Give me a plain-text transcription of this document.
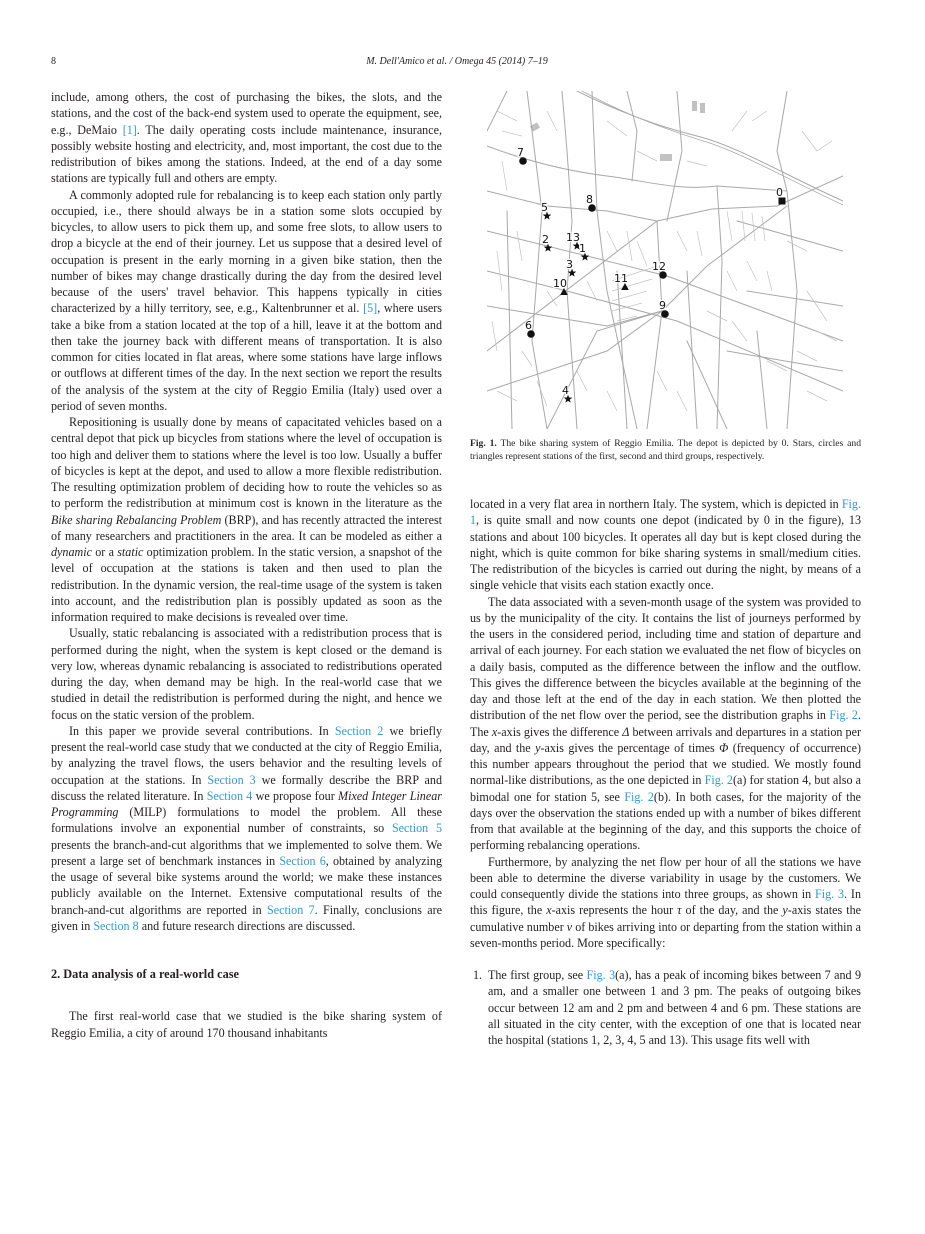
8	M. Dell'Amico et al. / Omega 45 (2014) 7–19

include, among others, the cost of purchasing the bikes, the slots, and the stations, and the cost of the back-end system used to operate the equipment, see, e.g., DeMaio [1]. The daily operating costs include maintenance, insurance, possibly website hosting and electricity, and, most important, the cost due to the redistribution of bikes among the stations. Indeed, at the end of a day some stations are typically full and others are empty.

A commonly adopted rule for rebalancing is to keep each station only partly occupied, i.e., there should always be in a station some slots occupied by bicycles, to allow users to pick them up, and some free slots, to allow users to drop a bicycle at the end of their journey. Let us suppose that a desired level of occupation is present in the early morning in a given bike station, then the number of bikes may change drastically during the day from the desired level because of the users' travel behavior. This happens typically in cities characterized by a hilly territory, see, e.g., Kaltenbrunner et al. [5], where users take a bike from a station located at the top of a hill, leave it at the bottom and then take the journey back with different means of transportation. It is also common for cities located in flat areas, where some stations have large inflows or outflows at different times of the day. In the next section we report the results of the analysis of the system at the city of Reggio Emilia (Italy) used over a period of seven months.

Repositioning is usually done by means of capacitated vehicles based on a central depot that pick up bicycles from stations where the level of occupation is too high and deliver them to stations where the level is too low. Usually a buffer of bicycles is kept at the depot, and used to allow a more flexible redistribution. The resulting optimization problem of deciding how to route the vehicles so as to perform the redistribution at minimum cost is known in the literature as the Bike sharing Rebalancing Problem (BRP), and has recently attracted the interest of many researchers and practitioners in the area. It can be modeled as either a dynamic or a static optimization problem. In the static version, a snapshot of the level of occupation at the stations is taken and then used to plan the redistribution. In the dynamic version, the real-time usage of the system is taken into account, and the redistribution plan is possibly updated as soon as the information required to make decisions is revealed over time.

Usually, static rebalancing is associated with a redistribution process that is performed during the night, when the system is kept closed or the demand is very low, whereas dynamic rebalancing is associated to redistributions operated during the day, when demand may be high. In the real-world case that we studied in detail the redistribution is performed during the night, and hence we focus on the static version of the problem.

In this paper we provide several contributions. In Section 2 we briefly present the real-world case study that we conducted at the city of Reggio Emilia, by analyzing the travel flows, the users behavior and the resulting levels of occupation at the stations. In Section 3 we formally describe the BRP and discuss the related literature. In Section 4 we propose four Mixed Integer Linear Programming (MILP) formulations to model the problem. All these formulations involve an exponential number of constraints, so Section 5 presents the branch-and-cut algorithms that we implemented to solve them. We present a large set of benchmark instances in Section 6, obtained by analyzing the usage of several bike systems around the world; we make these instances publicly available on the Internet. Extensive computational results of the branch-and-cut algorithms are reported in Section 7. Finally, conclusions are given in Section 8 and future research directions are discussed.

2. Data analysis of a real-world case

The first real-world case that we studied is the bike sharing system of Reggio Emilia, a city of around 170 thousand inhabitants

0
7
5
8
2 13
1
3
10	11
12
9
6
4
Fig. 1. The bike sharing system of Reggio Emilia. The depot is depicted by 0. Stars, circles and triangles represent stations of the first, second and third groups, respectively.

located in a very flat area in northern Italy. The system, which is depicted in Fig. 1, is quite small and now counts one depot (indicated by 0 in the figure), 13 stations and about 100 bicycles. It operates all day but is kept closed during the night, which is quite common for bike sharing systems in small/medium cities. The redistribution of the bicycles is carried out during the night, by means of a single vehicle that visits each station exactly once.

The data associated with a seven-month usage of the system was provided to us by the municipality of the city. It contains the list of journeys performed by the users in the considered period, including time and station of departure and arrival of each journey. For each station we evaluated the net flow of bicycles on a daily basis, computed as the difference between the inflow and the outflow. This gives the difference between the bicycles available at the beginning of the day and those left at the end of the day in each station. We then plotted the distribution of the net flow over the period, see the distribution graphs in Fig. 2. The x-axis gives the difference Δ between arrivals and departures in a station per day, and the y-axis gives the percentage of times Φ (frequency of occurrence) this number appears throughout the period that we studied. We mostly found normal-like distributions, as the one depicted in Fig. 2(a) for station 4, but also a bimodal one for station 5, see Fig. 2(b). In both cases, for the majority of the days over the observation the stations ended up with a number of bikes different from that available at the beginning of the day, and this supports the choice of performing rebalancing operations.

Furthermore, by analyzing the net flow per hour of all the stations we have been able to determine the diverse variability in usage by the customers. We could consequently divide the stations into three groups, as shown in Fig. 3. In this figure, the x-axis represents the hour τ of the day, and the y-axis states the cumulative number ν of bikes arriving into or departing from the station within a seven-months period. More specifically:

1. The first group, see Fig. 3(a), has a peak of incoming bikes between 7 and 9 am, and a smaller one between 1 and 3 pm. The peaks of outgoing bikes occur between 12 am and 2 pm and between 4 and 6 pm. These stations are all situated in the city center, with the exception of one that is located near the hospital (stations 1, 2, 3, 4, 5 and 13). This usage fits well with
